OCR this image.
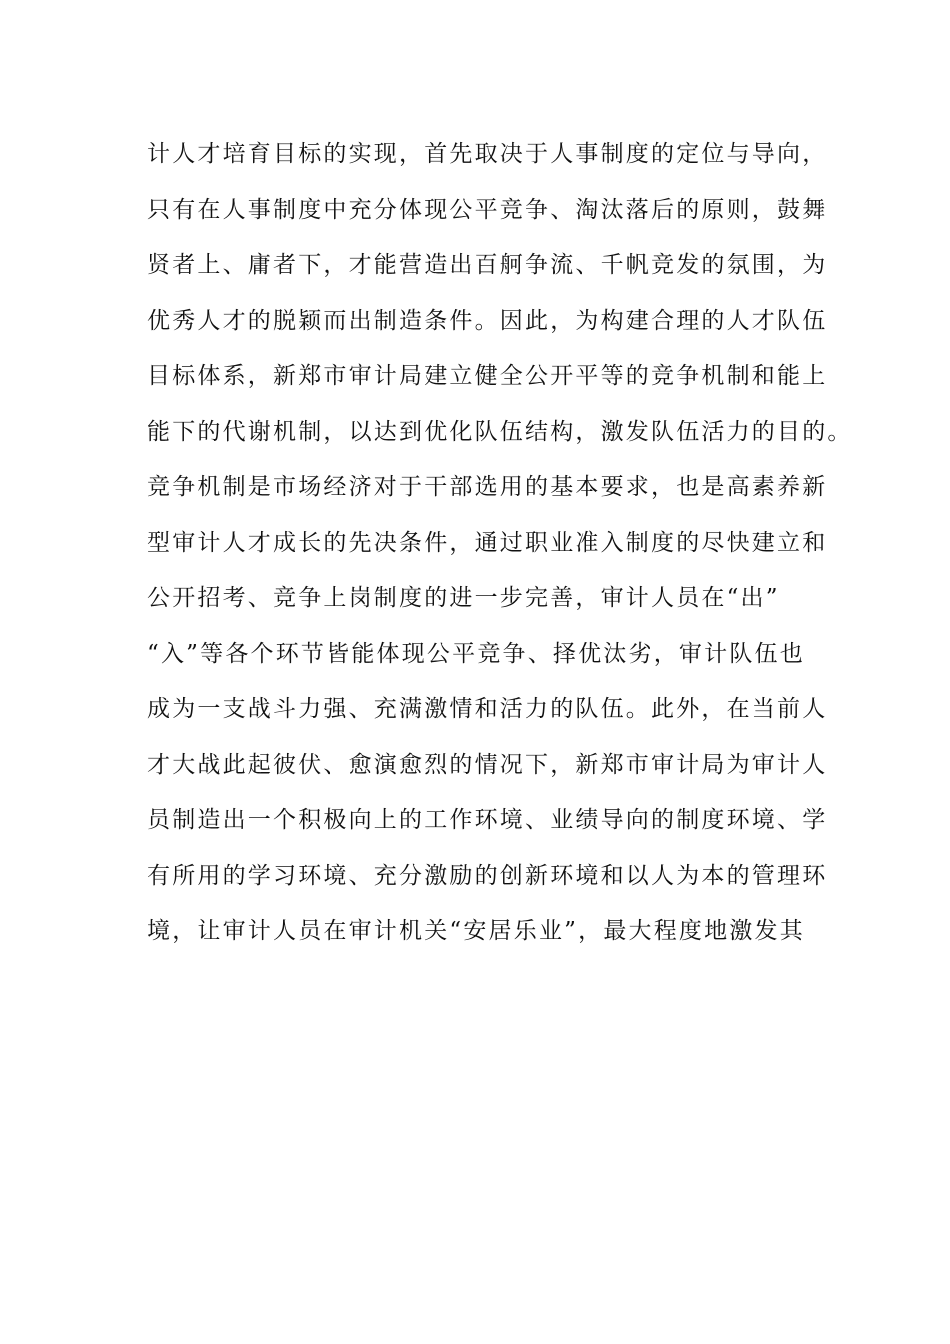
计人才培育目标的实现，首先取决于人事制度的定位与导向，
只有在人事制度中充分体现公平竞争、淘汰落后的原则，鼓舞
贤者上、庸者下，才能营造出百舸争流、千帆竞发的氛围，为
优秀人才的脱颖而出制造条件。因此，为构建合理的人才队伍
目标体系，新郑市审计局建立健全公开平等的竞争机制和能上
能下的代谢机制，以达到优化队伍结构，激发队伍活力的目的。
竞争机制是市场经济对于干部选用的基本要求，也是高素养新
型审计人才成长的先决条件，通过职业准入制度的尽快建立和
公开招考、竞争上岗制度的进一步完善，审计人员在“出”
“入”等各个环节皆能体现公平竞争、择优汰劣，审计队伍也
成为一支战斗力强、充满激情和活力的队伍。此外，在当前人
才大战此起彼伏、愈演愈烈的情况下，新郑市审计局为审计人
员制造出一个积极向上的工作环境、业绩导向的制度环境、学
有所用的学习环境、充分激励的创新环境和以人为本的管理环
境，让审计人员在审计机关“安居乐业”，最大程度地激发其
